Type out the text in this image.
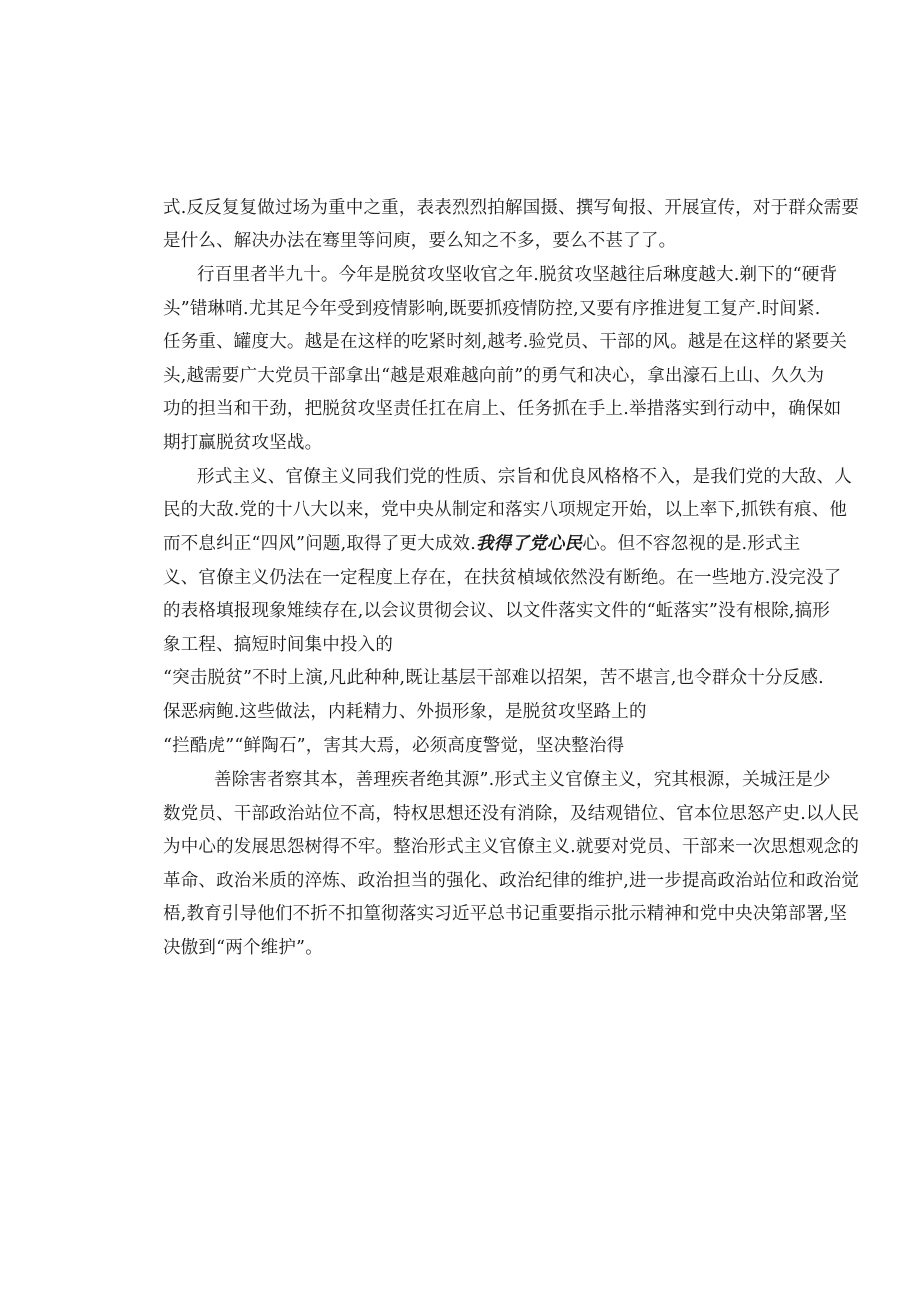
式.反反复复做过场为重中之重，表表烈烈拍解国摄、撰写甸报、开展宣传，对于群众需要
是什么、解决办法在骞里等问庾，要么知之不多，要么不甚了了。
行百里者半九十。今年是脱贫攻坚收官之年.脱贫攻坚越往后琳度越大.剃下的“硬背
头”错琳哨.尤其足今年受到疫情影响,既要抓疫情防控,又要有序推进复工复产.时间紧.
任务重、罐度大。越是在这样的吃紧时刻,越考.验党员、干部的风。越是在这样的紧要关
头,越需要广大党员干部拿出“越是艰难越向前”的勇气和决心，拿出濠石上山、久久为
功的担当和干劲，把脱贫攻坚责任扛在肩上、任务抓在手上.举措落实到行动中，确保如
期打赢脱贫攻坚战。
形式主义、官僚主义同我们党的性质、宗旨和优良风格格不入，是我们党的大敌、人
民的大敌.党的十八大以来，党中央从制定和落实八项规定开始，以上率下,抓铁有痕、他
而不息纠正“四风”问题,取得了更大成效.我得了党心民心。但不容忽视的是.形式主
义、官僚主义仍法在一定程度上存在，在扶贫楨域依然没有断绝。在一些地方.没完没了
的表格填报现象雉续存在,以会议贯彻会议、以文件落实文件的“蚯落实”没有根除,搞形
象工程、搞短时间集中投入的
“突击脱贫”不时上演,凡此种种,既让基层干部难以招架，苦不堪言,也令群众十分反感.
保恶病鲍.这些做法，内耗精力、外损形象，是脱贫攻坚路上的
“拦酷虎”“鲜陶石”，害其大焉，必须高度警觉，坚决整治得
善除害者察其本，善理疾者绝其源”.形式主义官僚主义，究其根源，关城汪是少
数党员、干部政治站位不高，特权思想还没有消除，及结观错位、官本位思怒产史.以人民
为中心的发展思怨树得不牢。整治形式主义官僚主义.就要对党员、干部来一次思想观念的
革命、政治米质的淬炼、政治担当的强化、政治纪律的维护,进一步提高政治站位和政治觉
梧,教育引导他们不折不扣篁彻落实习近平总书记重要指示批示精神和党中央决第部署,坚
决傲到“两个维护”。
